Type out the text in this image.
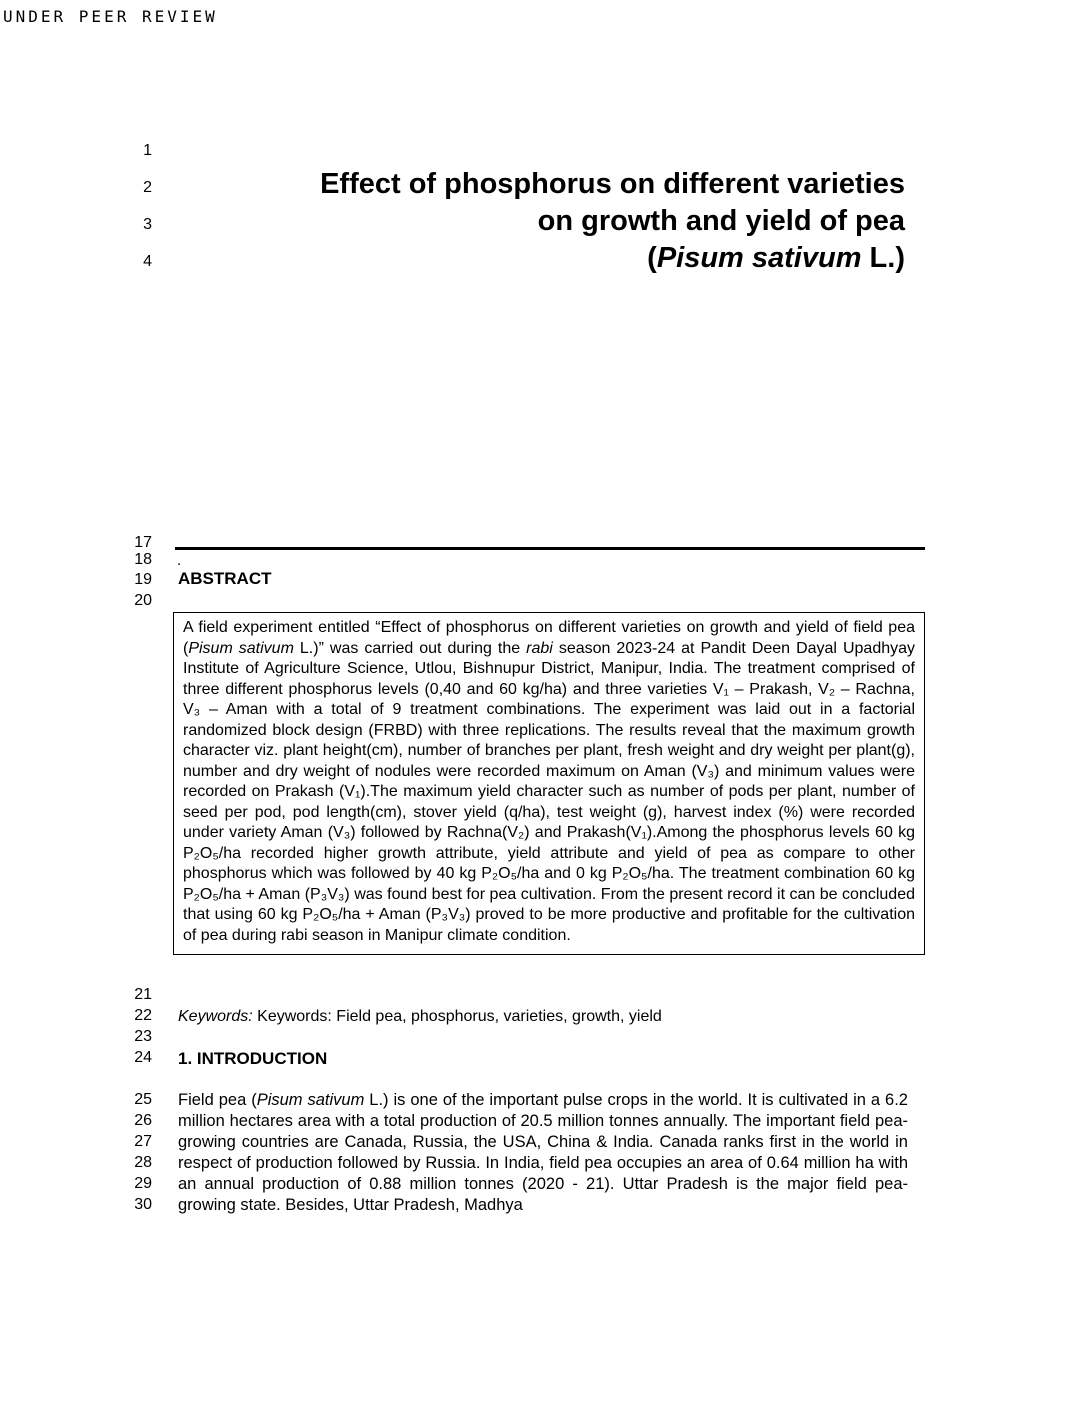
UNDER PEER REVIEW
1
2
3
4
17
18
19
20
21
22
23
24
25
26
27
28
29
30
Effect of phosphorus on different varieties
on growth and yield of pea
(Pisum sativum L.)
.
ABSTRACT

A field experiment entitled “Effect of phosphorus on different varieties on growth and yield of field pea (Pisum sativum L.)” was carried out during the rabi season 2023-24 at Pandit Deen Dayal Upadhyay Institute of Agriculture Science, Utlou, Bishnupur District, Manipur, India. The treatment comprised of three different phosphorus levels (0,40 and 60 kg/ha) and three varieties V₁ – Prakash, V₂ – Rachna, V₃ – Aman with a total of 9 treatment combinations. The experiment was laid out in a factorial randomized block design (FRBD) with three replications. The results reveal that the maximum growth character viz. plant height(cm), number of branches per plant, fresh weight and dry weight per plant(g), number and dry weight of nodules were recorded maximum on Aman (V₃) and minimum values were recorded on Prakash (V₁).The maximum yield character such as number of pods per plant, number of seed per pod, pod length(cm), stover yield (q/ha), test weight (g), harvest index (%) were recorded under variety Aman (V₃) followed by Rachna(V₂) and Prakash(V₁).Among the phosphorus levels 60 kg P₂O₅/ha recorded higher growth attribute, yield attribute and yield of pea as compare to other phosphorus which was followed by 40 kg P₂O₅/ha and 0 kg P₂O₅/ha. The treatment combination 60 kg P₂O₅/ha + Aman (P₃V₃) was found best for pea cultivation. From the present record it can be concluded that using 60 kg P₂O₅/ha + Aman (P₃V₃) proved to be more productive and profitable for the cultivation of pea during rabi season in Manipur climate condition.

Keywords: Keywords: Field pea, phosphorus, varieties, growth, yield

1. INTRODUCTION

Field pea (Pisum sativum L.) is one of the important pulse crops in the world. It is cultivated in a 6.2 million hectares area with a total production of 20.5 million tonnes annually. The important field pea-growing countries are Canada, Russia, the USA, China & India. Canada ranks first in the world in respect of production followed by Russia. In India, field pea occupies an area of 0.64 million ha with an annual production of 0.88 million tonnes (2020 - 21). Uttar Pradesh is the major field pea-growing state. Besides, Uttar Pradesh, Madhya
